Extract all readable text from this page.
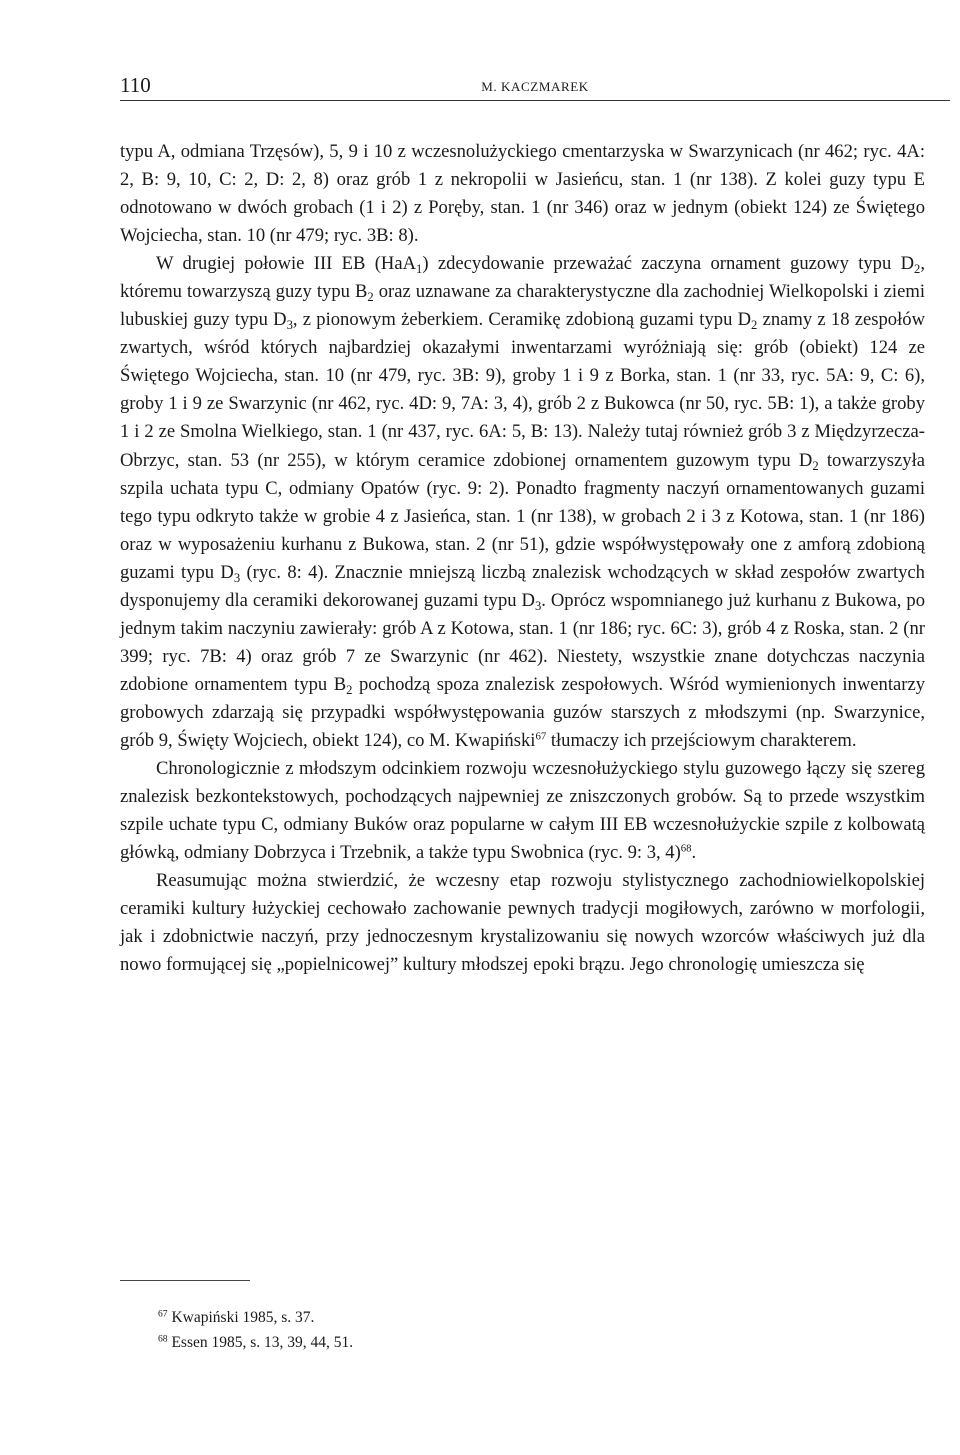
110	M. KACZMAREK

typu A, odmiana Trzęsów), 5, 9 i 10 z wczesnolużyckiego cmentarzyska w Swarzynicach (nr 462; ryc. 4A: 2, B: 9, 10, C: 2, D: 2, 8) oraz grób 1 z nekropolii w Jasieńcu, stan. 1 (nr 138). Z kolei guzy typu E odnotowano w dwóch grobach (1 i 2) z Poręby, stan. 1 (nr 346) oraz w jednym (obiekt 124) ze Świętego Wojciecha, stan. 10 (nr 479; ryc. 3B: 8).

W drugiej połowie III EB (HaA$_1$) zdecydowanie przeważać zaczyna ornament guzowy typu $D_2$, któremu towarzyszą guzy typu $B_2$ oraz uznawane za charakterystyczne dla zachodniej Wielkopolski i ziemi lubuskiej guzy typu $D_3$, z pionowym żeberkiem. Ceramikę zdobioną guzami typu $D_2$ znamy z 18 zespołów zwartych, wśród których najbardziej okazałymi inwentarzami wyróżniają się: grób (obiekt) 124 ze Świętego Wojciecha, stan. 10 (nr 479, ryc. 3B: 9), groby 1 i 9 z Borka, stan. 1 (nr 33, ryc. 5A: 9, C: 6), groby 1 i 9 ze Swarzynic (nr 462, ryc. 4D: 9, 7A: 3, 4), grób 2 z Bukowca (nr 50, ryc. 5B: 1), a także groby 1 i 2 ze Smolna Wielkiego, stan. 1 (nr 437, ryc. 6A: 5, B: 13). Należy tutaj również grób 3 z Międzyrzecza-Obrzyc, stan. 53 (nr 255), w którym ceramice zdobionej ornamentem guzowym typu $D_2$ towarzyszyła szpila uchata typu C, odmiany Opatów (ryc. 9: 2). Ponadto fragmenty naczyń ornamentowanych guzami tego typu odkryto także w grobie 4 z Jasieńca, stan. 1 (nr 138), w grobach 2 i 3 z Kotowa, stan. 1 (nr 186) oraz w wyposażeniu kurhanu z Bukowa, stan. 2 (nr 51), gdzie współwystępowały one z amforą zdobioną guzami typu $D_3$ (ryc. 8: 4). Znacznie mniejszą liczbą znalezisk wchodzących w skład zespołów zwartych dysponujemy dla ceramiki dekorowanej guzami typu $D_3$. Oprócz wspomnianego już kurhanu z Bukowa, po jednym takim naczyniu zawierały: grób A z Kotowa, stan. 1 (nr 186; ryc. 6C: 3), grób 4 z Roska, stan. 2 (nr 399; ryc. 7B: 4) oraz grób 7 ze Swarzynic (nr 462). Niestety, wszystkie znane dotychczas naczynia zdobione ornamentem typu $B_2$ pochodzą spoza znalezisk zespołowych. Wśród wymienionych inwentarzy grobowych zdarzają się przypadki współwystępowania guzów starszych z młodszymi (np. Swarzynice, grób 9, Święty Wojciech, obiekt 124), co M. Kwapiński$^{67}$ tłumaczy ich przejściowym charakterem.

Chronologicznie z młodszym odcinkiem rozwoju wczesnołużyckiego stylu guzowego łączy się szereg znalezisk bezkontekstowych, pochodzących najpewniej ze zniszczonych grobów. Są to przede wszystkim szpile uchate typu C, odmiany Buków oraz popularne w całym III EB wczesnołużyckie szpile z kolbowatą główką, odmiany Dobrzyca i Trzebnik, a także typu Swobnica (ryc. 9: 3, 4)$^{68}$.

Reasumując można stwierdzić, że wczesny etap rozwoju stylistycznego zachodniowielkopolskiej ceramiki kultury łużyckiej cechowało zachowanie pewnych tradycji mogiłowych, zarówno w morfologii, jak i zdobnictwie naczyń, przy jednoczesnym krystalizowaniu się nowych wzorców właściwych już dla nowo formującej się „popielnicowej” kultury młodszej epoki brązu. Jego chronologię umieszcza się

$^{67}$ Kwapiński 1985, s. 37.
$^{68}$ Essen 1985, s. 13, 39, 44, 51.
